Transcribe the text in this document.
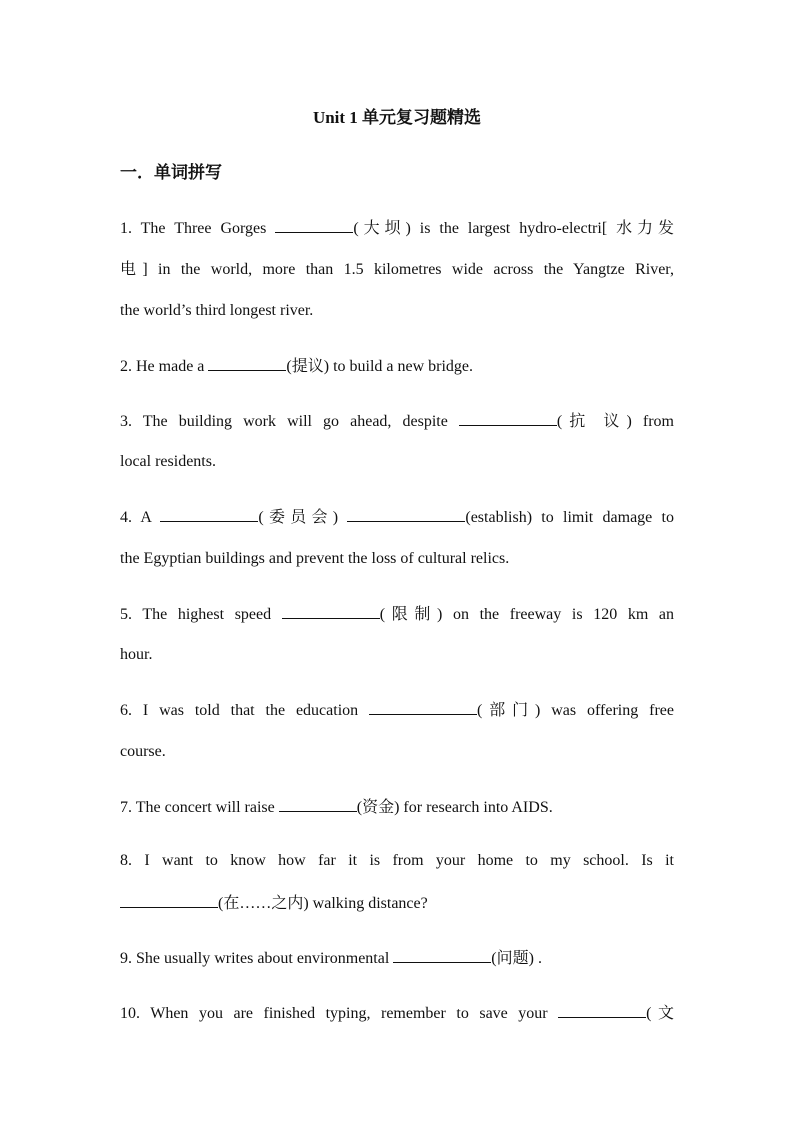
Unit 1 单元复习题精选
一．单词拼写
1. The Three Gorges	(大坝) is the largest hydro-electri[ 水力发
电] in the world, more than 1.5 kilometres wide across the Yangtze River,
the world’s third longest river.
2. He made a	(提议) to build a new bridge.
3. The building work will go ahead, despite	(抗 议) from
local residents.
4. A	(委员会)	(establish) to limit damage to
the Egyptian buildings and prevent the loss of cultural relics.
5. The highest speed	(限制) on the freeway is 120 km an
hour.
6. I was told that the education	(部门) was offering free
course.
7. The concert will raise	(资金) for research into AIDS.
8. I want to know how far it is from your home to my school. Is it
(在……之内) walking distance?
9. She usually writes about environmental	(问题) .
10. When you are finished typing, remember to save your	(文
